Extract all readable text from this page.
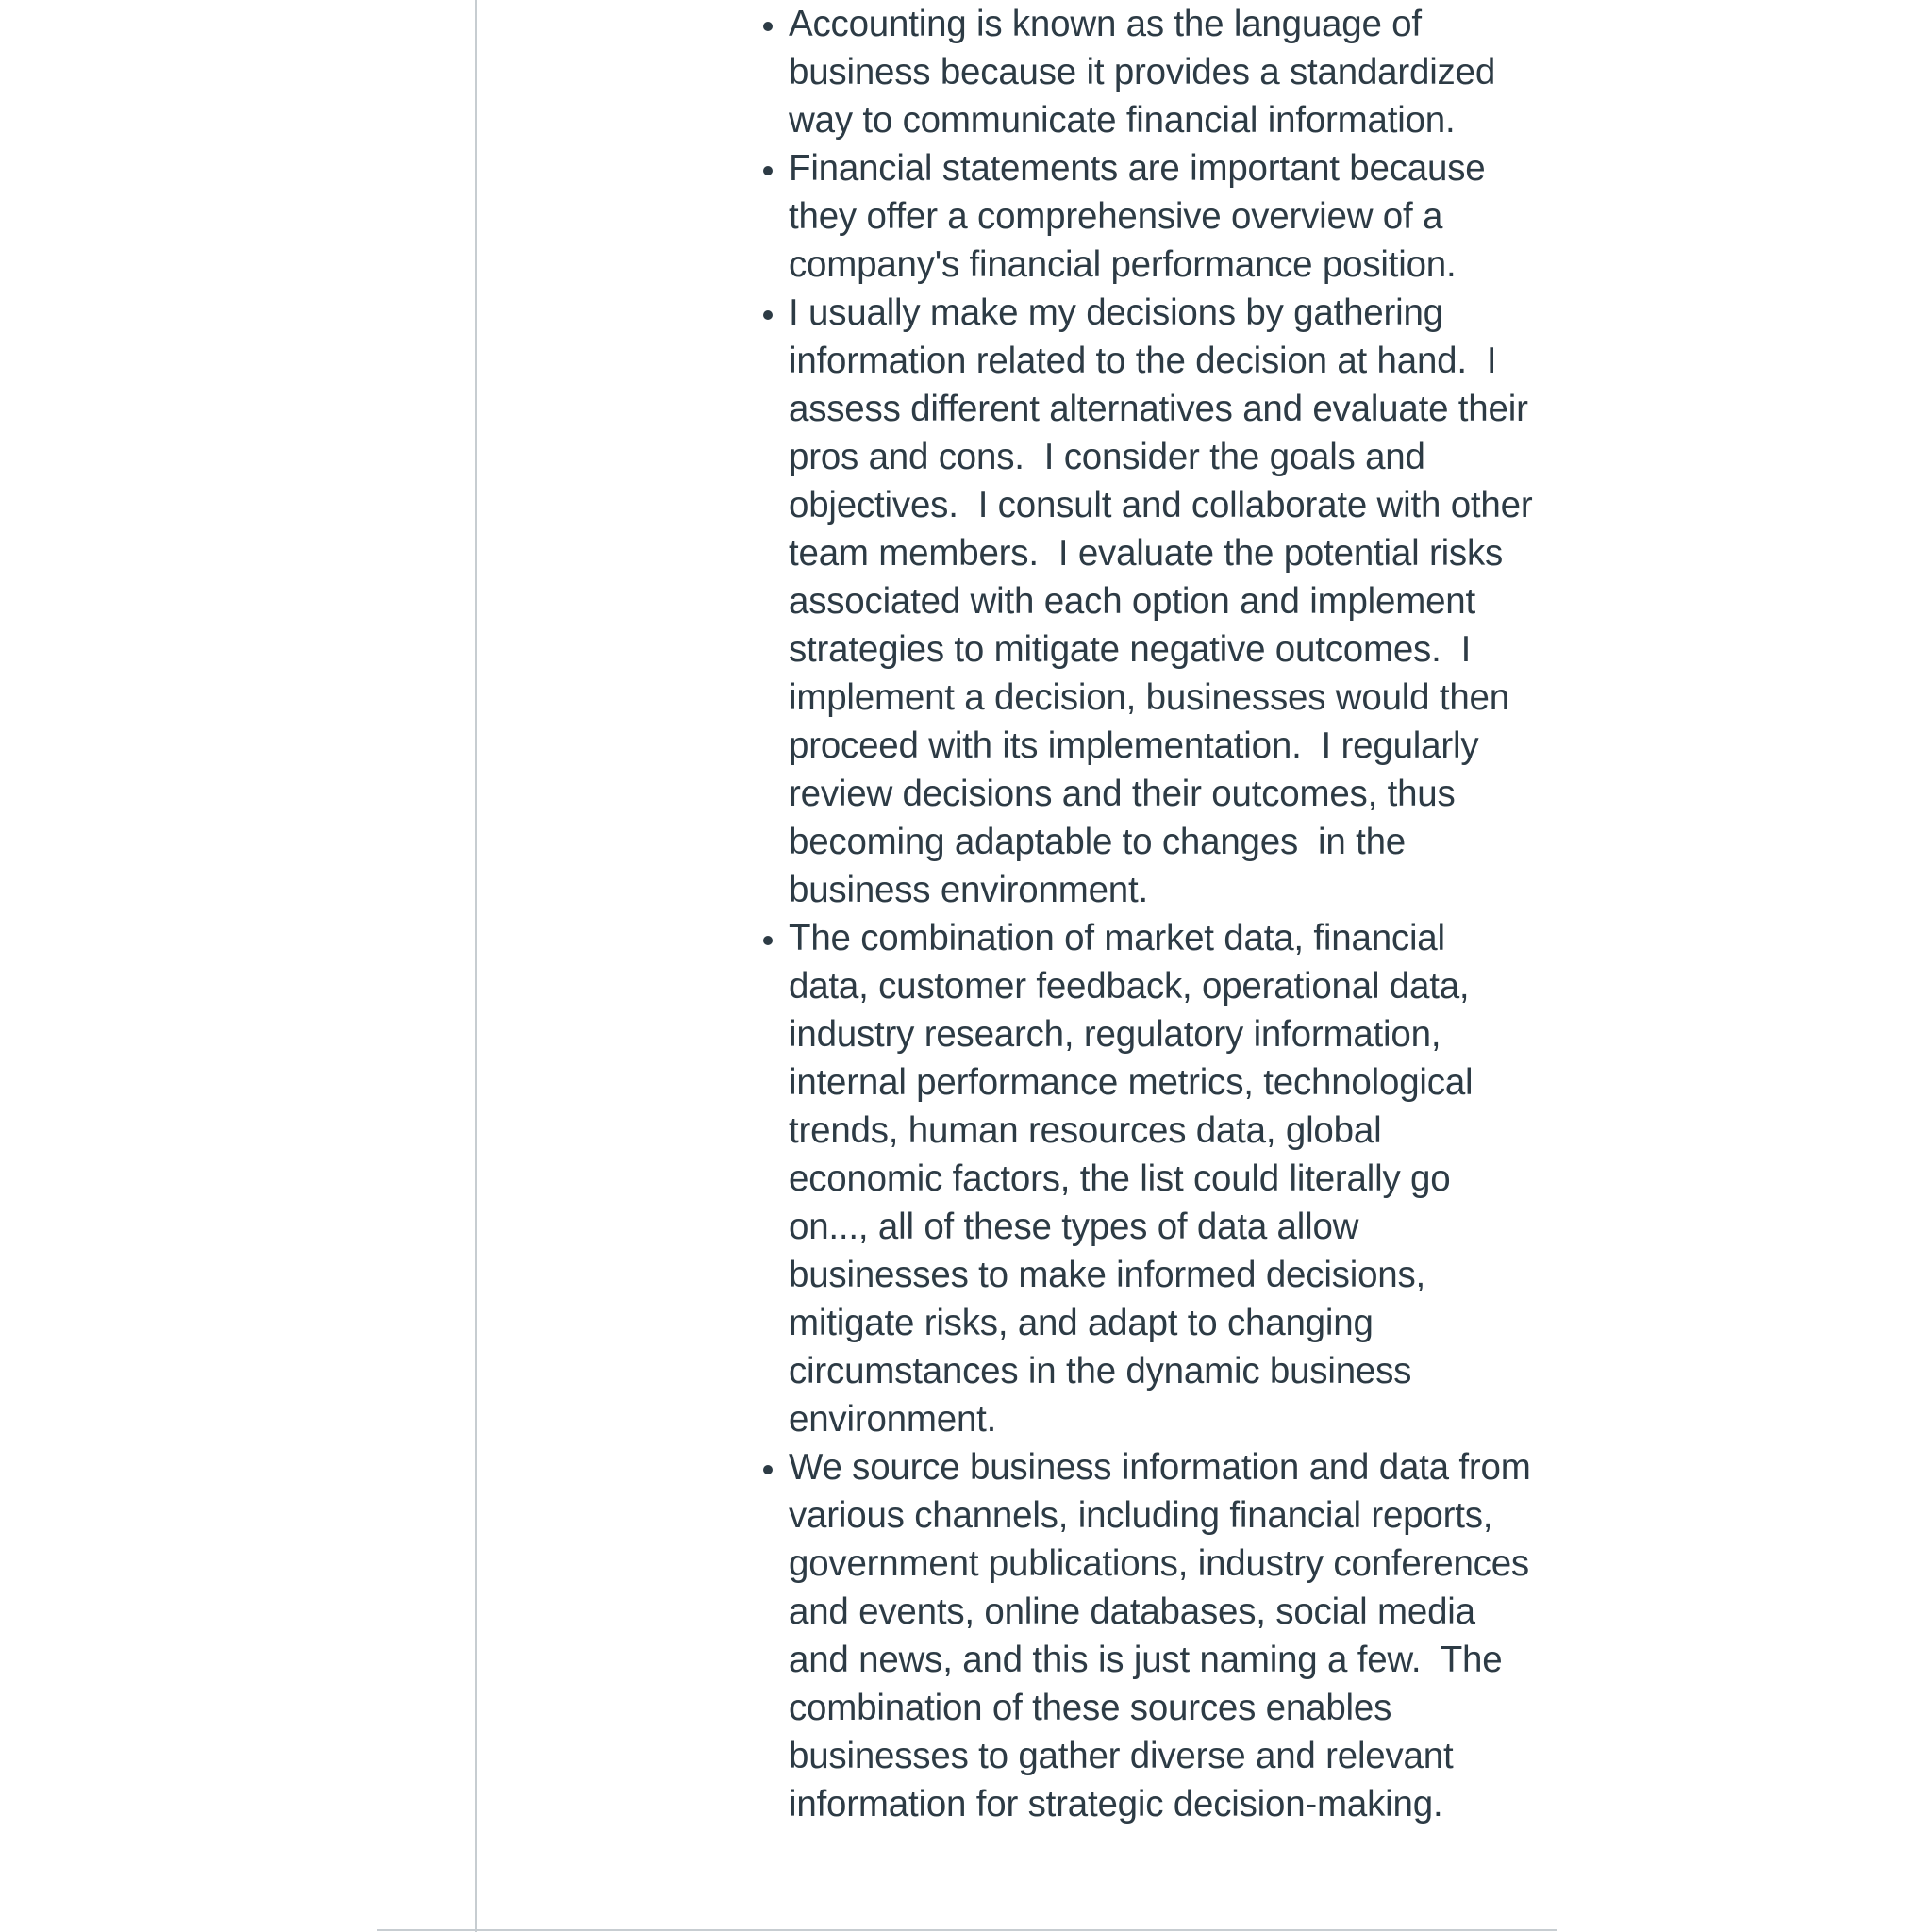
• Accounting is known as the language of business because it provides a standardized way to communicate financial information.
• Financial statements are important because they offer a comprehensive overview of a company's financial performance position.
• I usually make my decisions by gathering information related to the decision at hand.  I assess different alternatives and evaluate their pros and cons.  I consider the goals and objectives.  I consult and collaborate with other team members.  I evaluate the potential risks associated with each option and implement strategies to mitigate negative outcomes.  I implement a decision, businesses would then proceed with its implementation.  I regularly review decisions and their outcomes, thus becoming adaptable to changes  in the business environment.
• The combination of market data, financial data, customer feedback, operational data, industry research, regulatory information, internal performance metrics, technological trends, human resources data, global economic factors, the list could literally go on..., all of these types of data allow businesses to make informed decisions, mitigate risks, and adapt to changing circumstances in the dynamic business environment.
• We source business information and data from various channels, including financial reports, government publications, industry conferences and events, online databases, social media and news, and this is just naming a few.  The combination of these sources enables businesses to gather diverse and relevant information for strategic decision-making.
